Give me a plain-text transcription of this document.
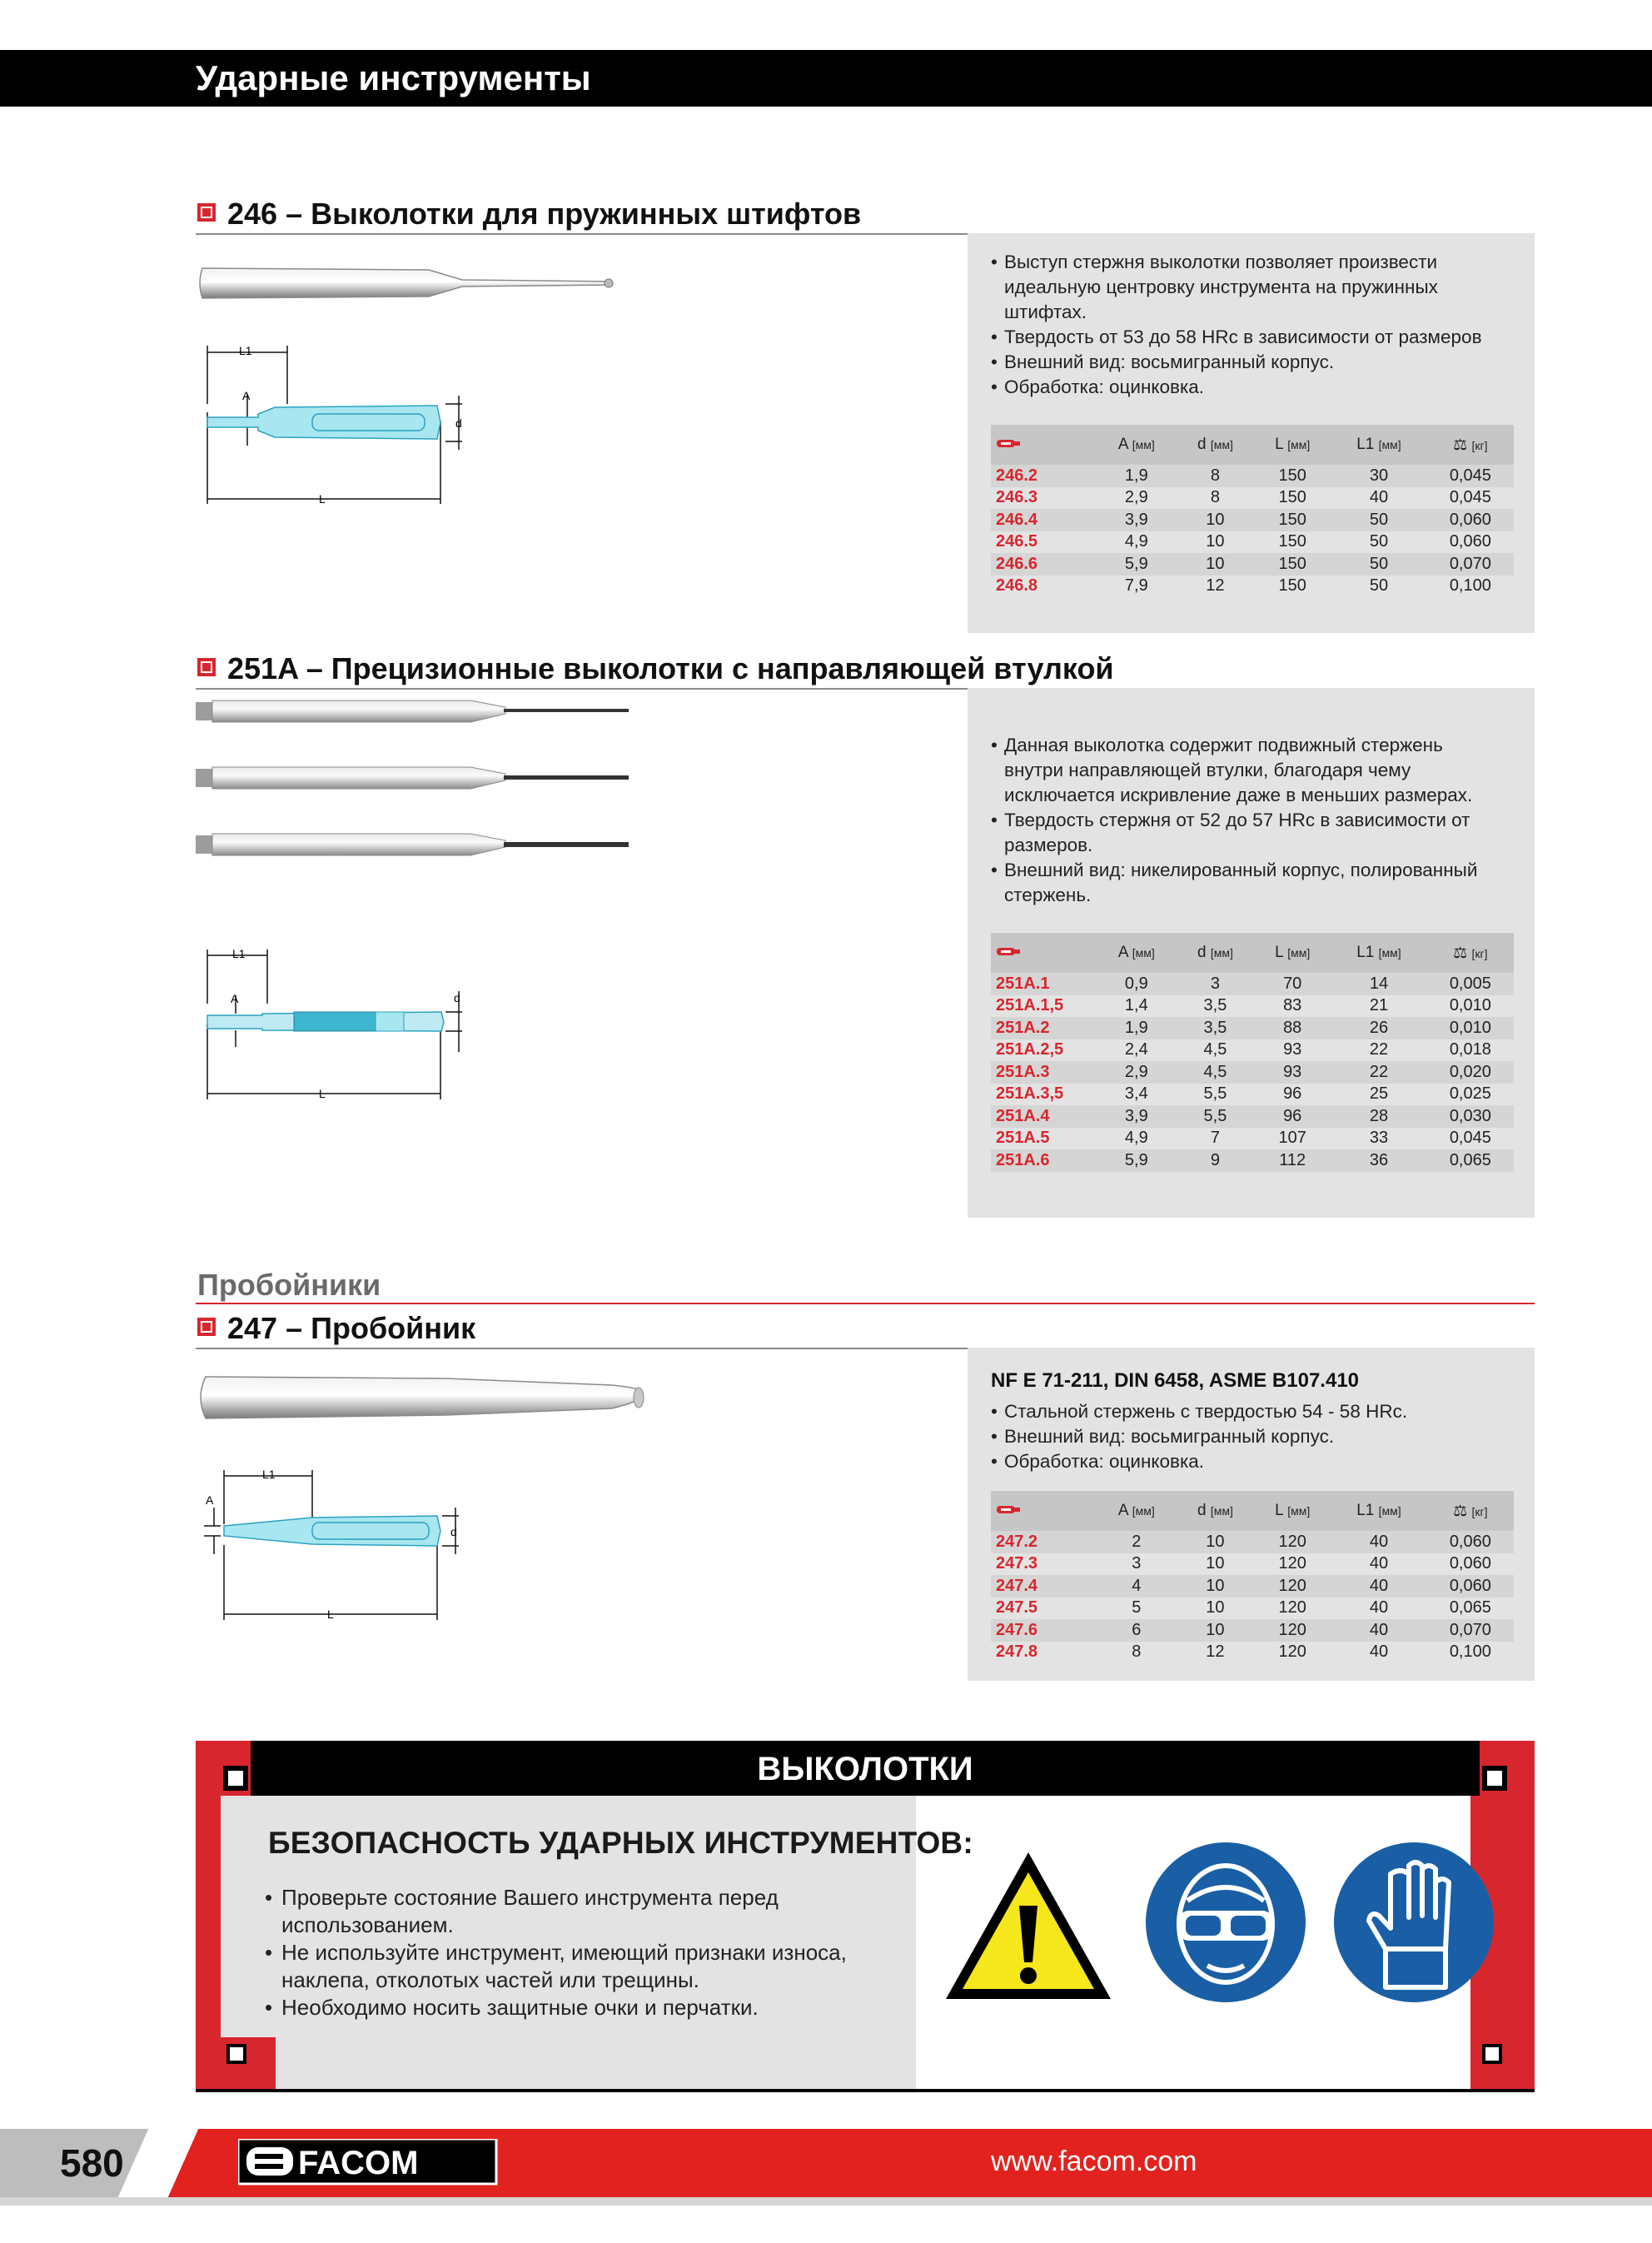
Ударные инструменты
246 – Выколотки для пружинных штифтов
L1
A
d
L
• Выступ стержня выколотки позволяет произвести идеальную центровку инструмента на пружинных штифтах.
• Твердость от 53 до 58 HRc в зависимости от размеров
• Внешний вид: восьмигранный корпус.
• Обработка: оцинковка.
	A [мм]	d [мм]	L [мм]	L1 [мм]	⚖ [кг]
246.2	1,9	8	150	30	0,045
246.3	2,9	8	150	40	0,045
246.4	3,9	10	150	50	0,060
246.5	4,9	10	150	50	0,060
246.6	5,9	10	150	50	0,070
246.8	7,9	12	150	50	0,100
251A – Прецизионные выколотки с направляющей втулкой
L1
A	d
L
• Данная выколотка содержит подвижный стержень внутри направляющей втулки, благодаря чему исключается искривление даже в меньших размерах.
• Твердость стержня от 52 до 57 HRc в зависимости от размеров.
• Внешний вид: никелированный корпус, полированный стержень.
	A [мм]	d [мм]	L [мм]	L1 [мм]	⚖ [кг]
251A.1	0,9	3	70	14	0,005
251A.1,5	1,4	3,5	83	21	0,010
251A.2	1,9	3,5	88	26	0,010
251A.2,5	2,4	4,5	93	22	0,018
251A.3	2,9	4,5	93	22	0,020
251A.3,5	3,4	5,5	96	25	0,025
251A.4	3,9	5,5	96	28	0,030
251A.5	4,9	7	107	33	0,045
251A.6	5,9	9	112	36	0,065
Пробойники
247 – Пробойник
L1
A
d
L
NF E 71-211, DIN 6458, ASME B107.410
• Стальной стержень с твердостью 54 - 58 HRc.
• Внешний вид: восьмигранный корпус.
• Обработка: оцинковка.
	A [мм]	d [мм]	L [мм]	L1 [мм]	⚖ [кг]
247.2	2	10	120	40	0,060
247.3	3	10	120	40	0,060
247.4	4	10	120	40	0,060
247.5	5	10	120	40	0,065
247.6	6	10	120	40	0,070
247.8	8	12	120	40	0,100
ВЫКОЛОТКИ
БЕЗОПАСНОСТЬ УДАРНЫХ ИНСТРУМЕНТОВ:
• Проверьте состояние Вашего инструмента перед использованием.
• Не используйте инструмент, имеющий признаки износа, наклепа, отколотых частей или трещины.
• Необходимо носить защитные очки и перчатки.
580	FACOM	www.facom.com
